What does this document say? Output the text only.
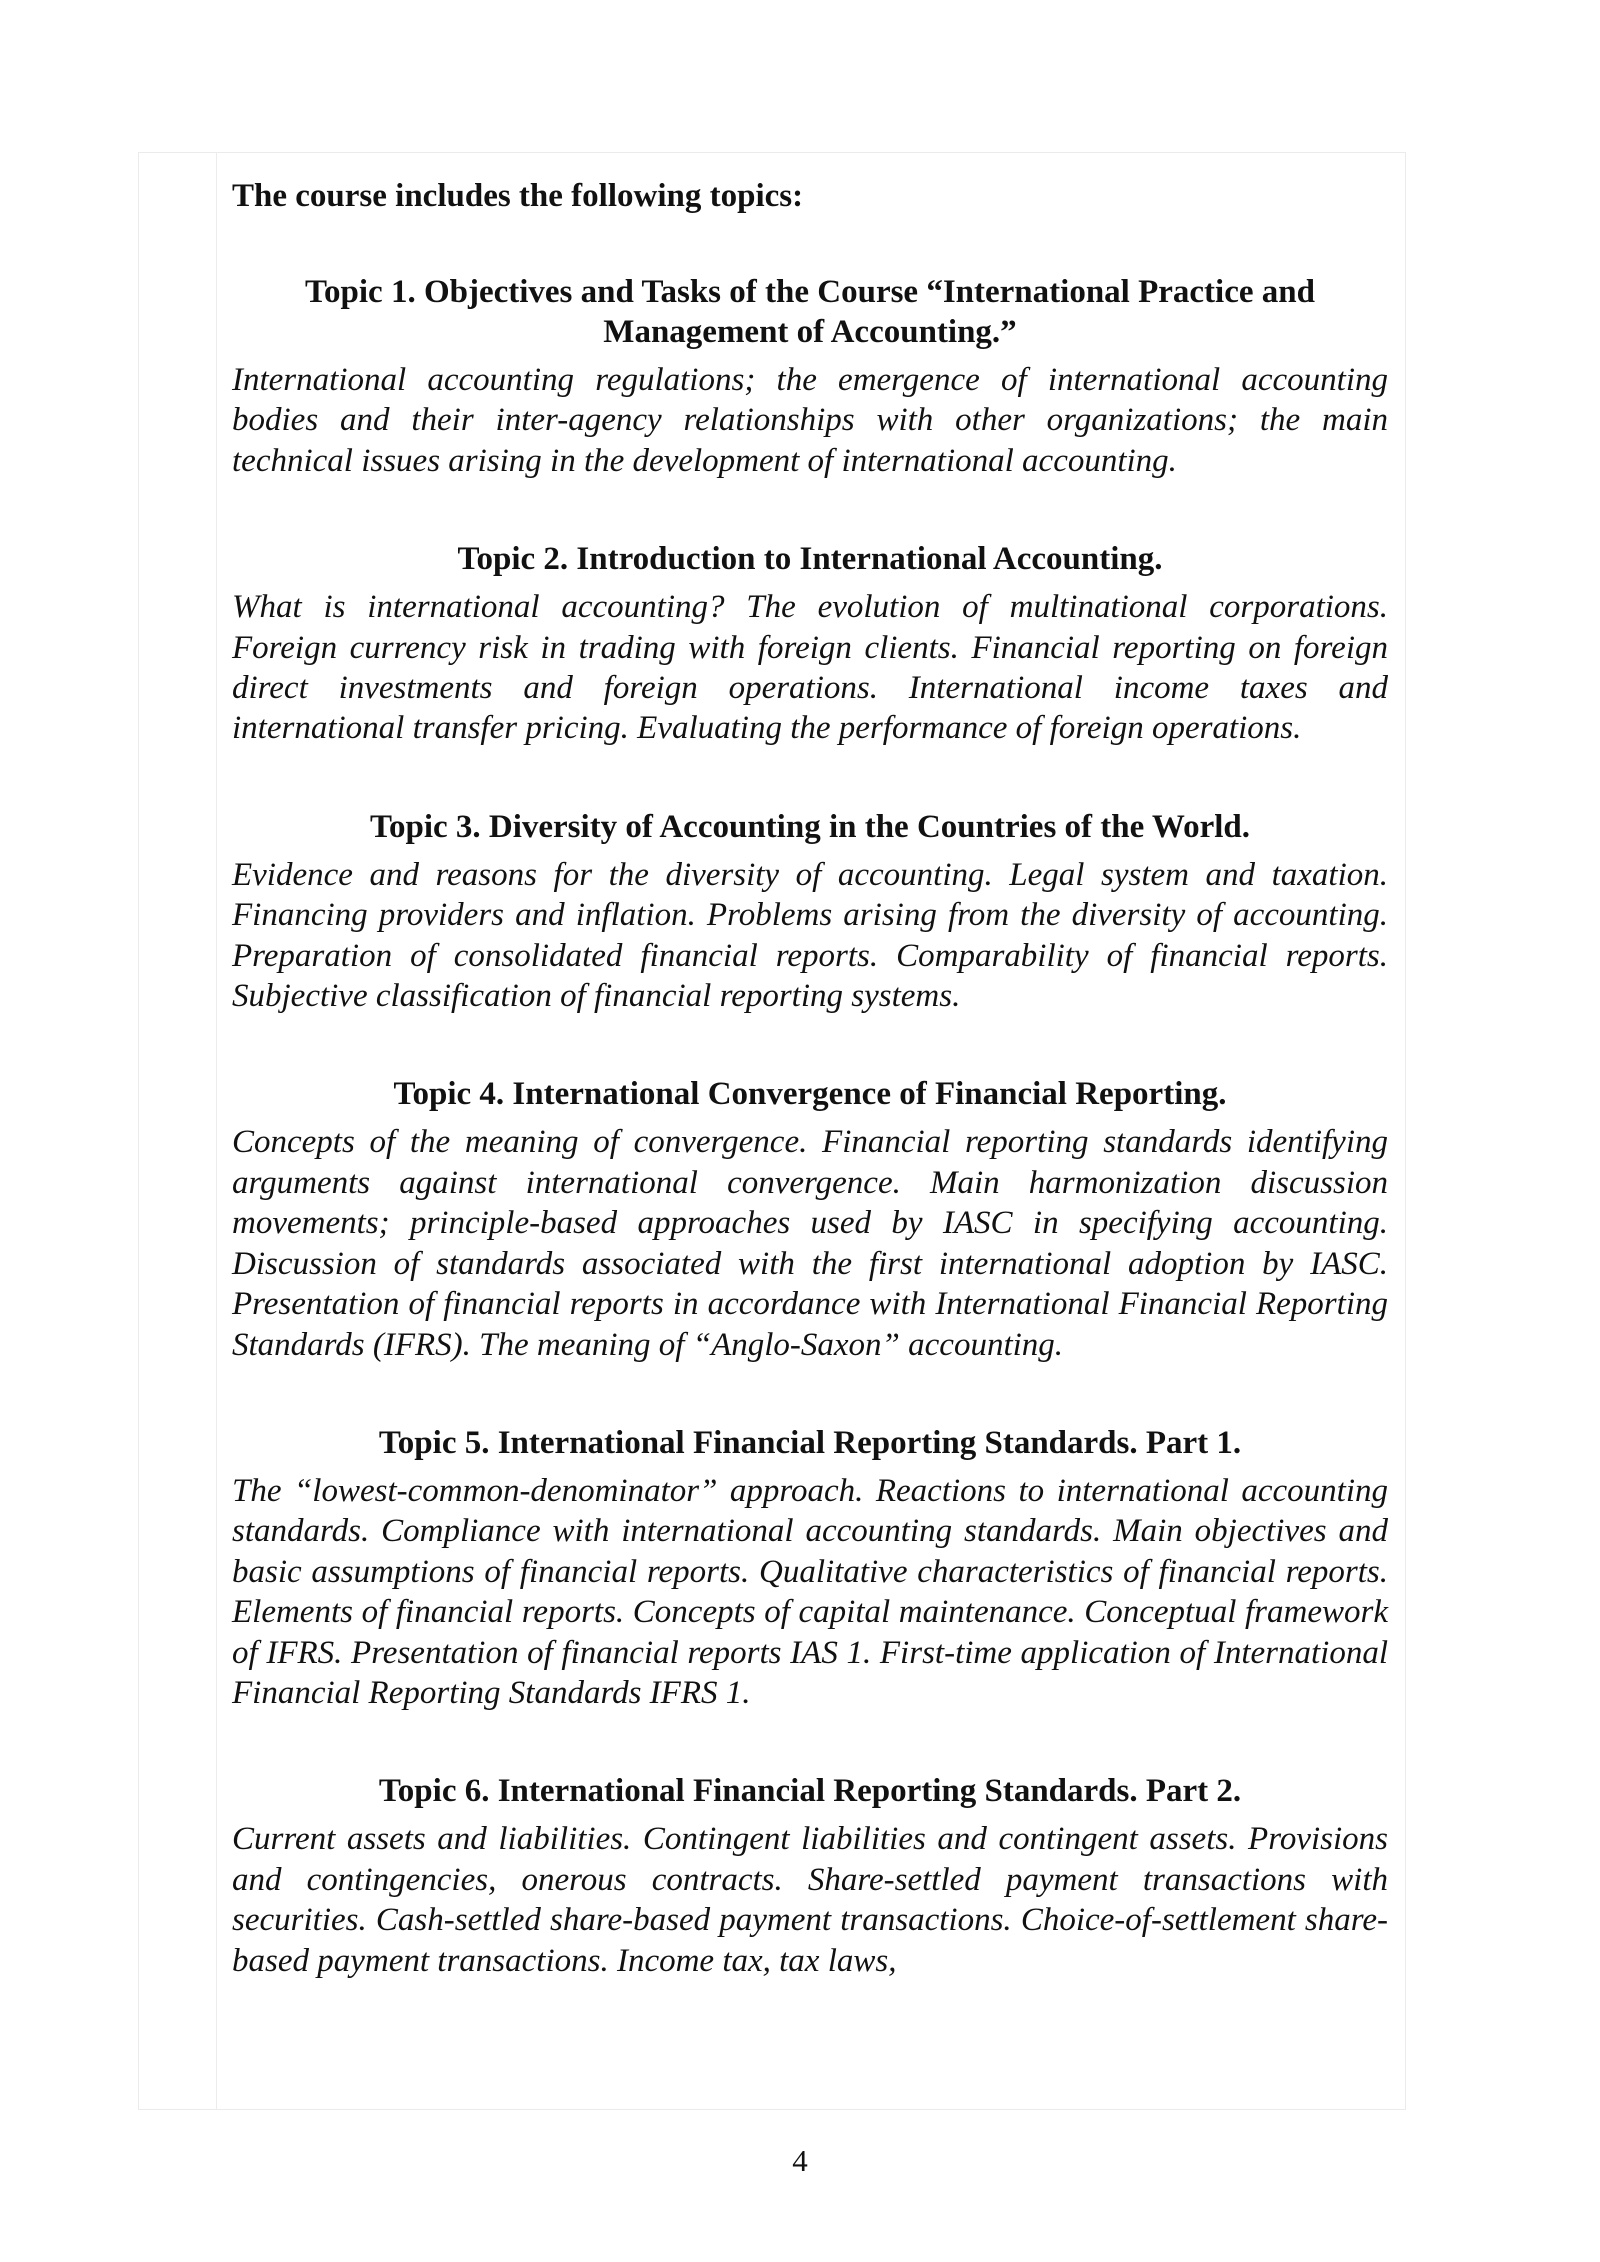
The course includes the following topics:

Topic 1. Objectives and Tasks of the Course “International Practice and Management of Accounting.”

International accounting regulations; the emergence of international accounting bodies and their inter-agency relationships with other organizations; the main technical issues arising in the development of international accounting.

Topic 2. Introduction to International Accounting.

What is international accounting? The evolution of multinational corporations. Foreign currency risk in trading with foreign clients. Financial reporting on foreign direct investments and foreign operations. International income taxes and international transfer pricing. Evaluating the performance of foreign operations.

Topic 3. Diversity of Accounting in the Countries of the World.

Evidence and reasons for the diversity of accounting. Legal system and taxation. Financing providers and inflation. Problems arising from the diversity of accounting. Preparation of consolidated financial reports. Comparability of financial reports. Subjective classification of financial reporting systems.

Topic 4. International Convergence of Financial Reporting.

Concepts of the meaning of convergence. Financial reporting standards identifying arguments against international convergence. Main harmonization discussion movements; principle-based approaches used by IASC in specifying accounting. Discussion of standards associated with the first international adoption by IASC. Presentation of financial reports in accordance with International Financial Reporting Standards (IFRS). The meaning of “Anglo-Saxon” accounting.

Topic 5. International Financial Reporting Standards. Part 1.

The “lowest-common-denominator” approach. Reactions to international accounting standards. Compliance with international accounting standards. Main objectives and basic assumptions of financial reports. Qualitative characteristics of financial reports. Elements of financial reports. Concepts of capital maintenance. Conceptual framework of IFRS. Presentation of financial reports IAS 1. First-time application of International Financial Reporting Standards IFRS 1.

Topic 6. International Financial Reporting Standards. Part 2.

Current assets and liabilities. Contingent liabilities and contingent assets. Provisions and contingencies, onerous contracts. Share-settled payment transactions with securities. Cash-settled share-based payment transactions. Choice-of-settlement share-based payment transactions. Income tax, tax laws,

4
